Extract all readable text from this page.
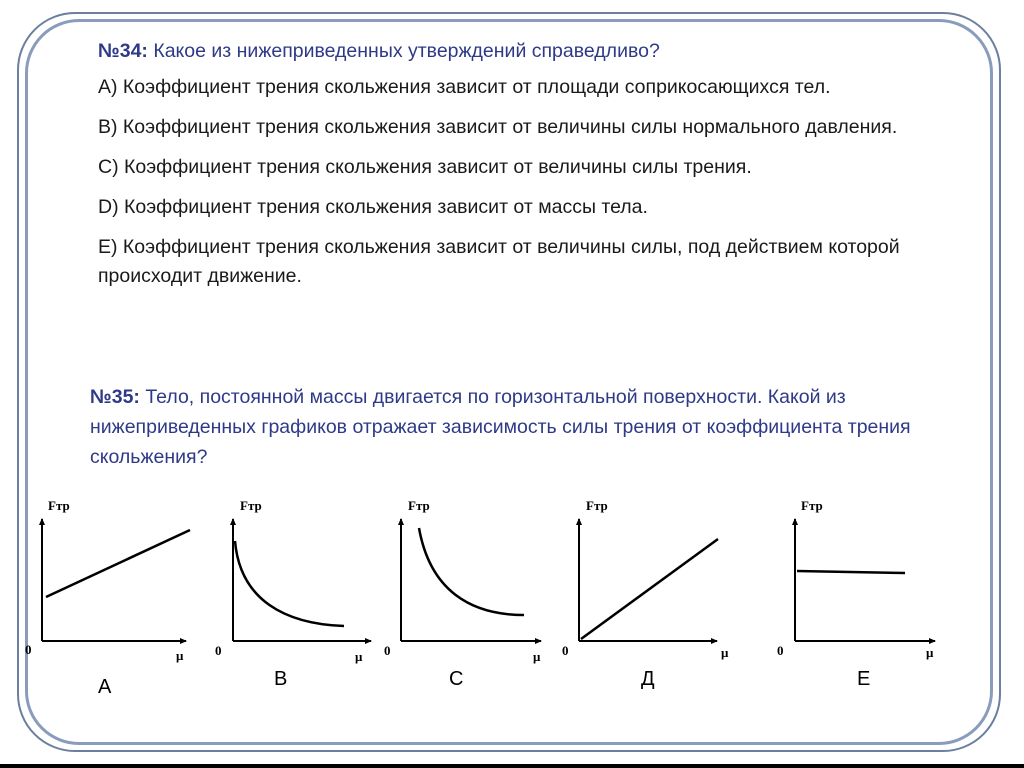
№34: Какое из нижеприведенных утверждений справедливо?

А) Коэффициент трения скольжения зависит от площади соприкосающихся тел.

В) Коэффициент трения скольжения зависит от величины силы нормального давления.

С) Коэффициент трения скольжения зависит от величины силы трения.

D) Коэффициент трения скольжения зависит от массы тела.

Е) Коэффициент трения скольжения зависит от величины силы, под действием которой происходит движение.

№35: Тело, постоянной массы двигается по горизонтальной поверхности. Какой из нижеприведенных графиков отражает зависимость силы трения от коэффициента трения скольжения?
Fтр
0	μ
А
Fтр
0	μ
В
Fтр
0	μ
С
Fтр
0	μ
Д
Fтр
0	μ
Е
